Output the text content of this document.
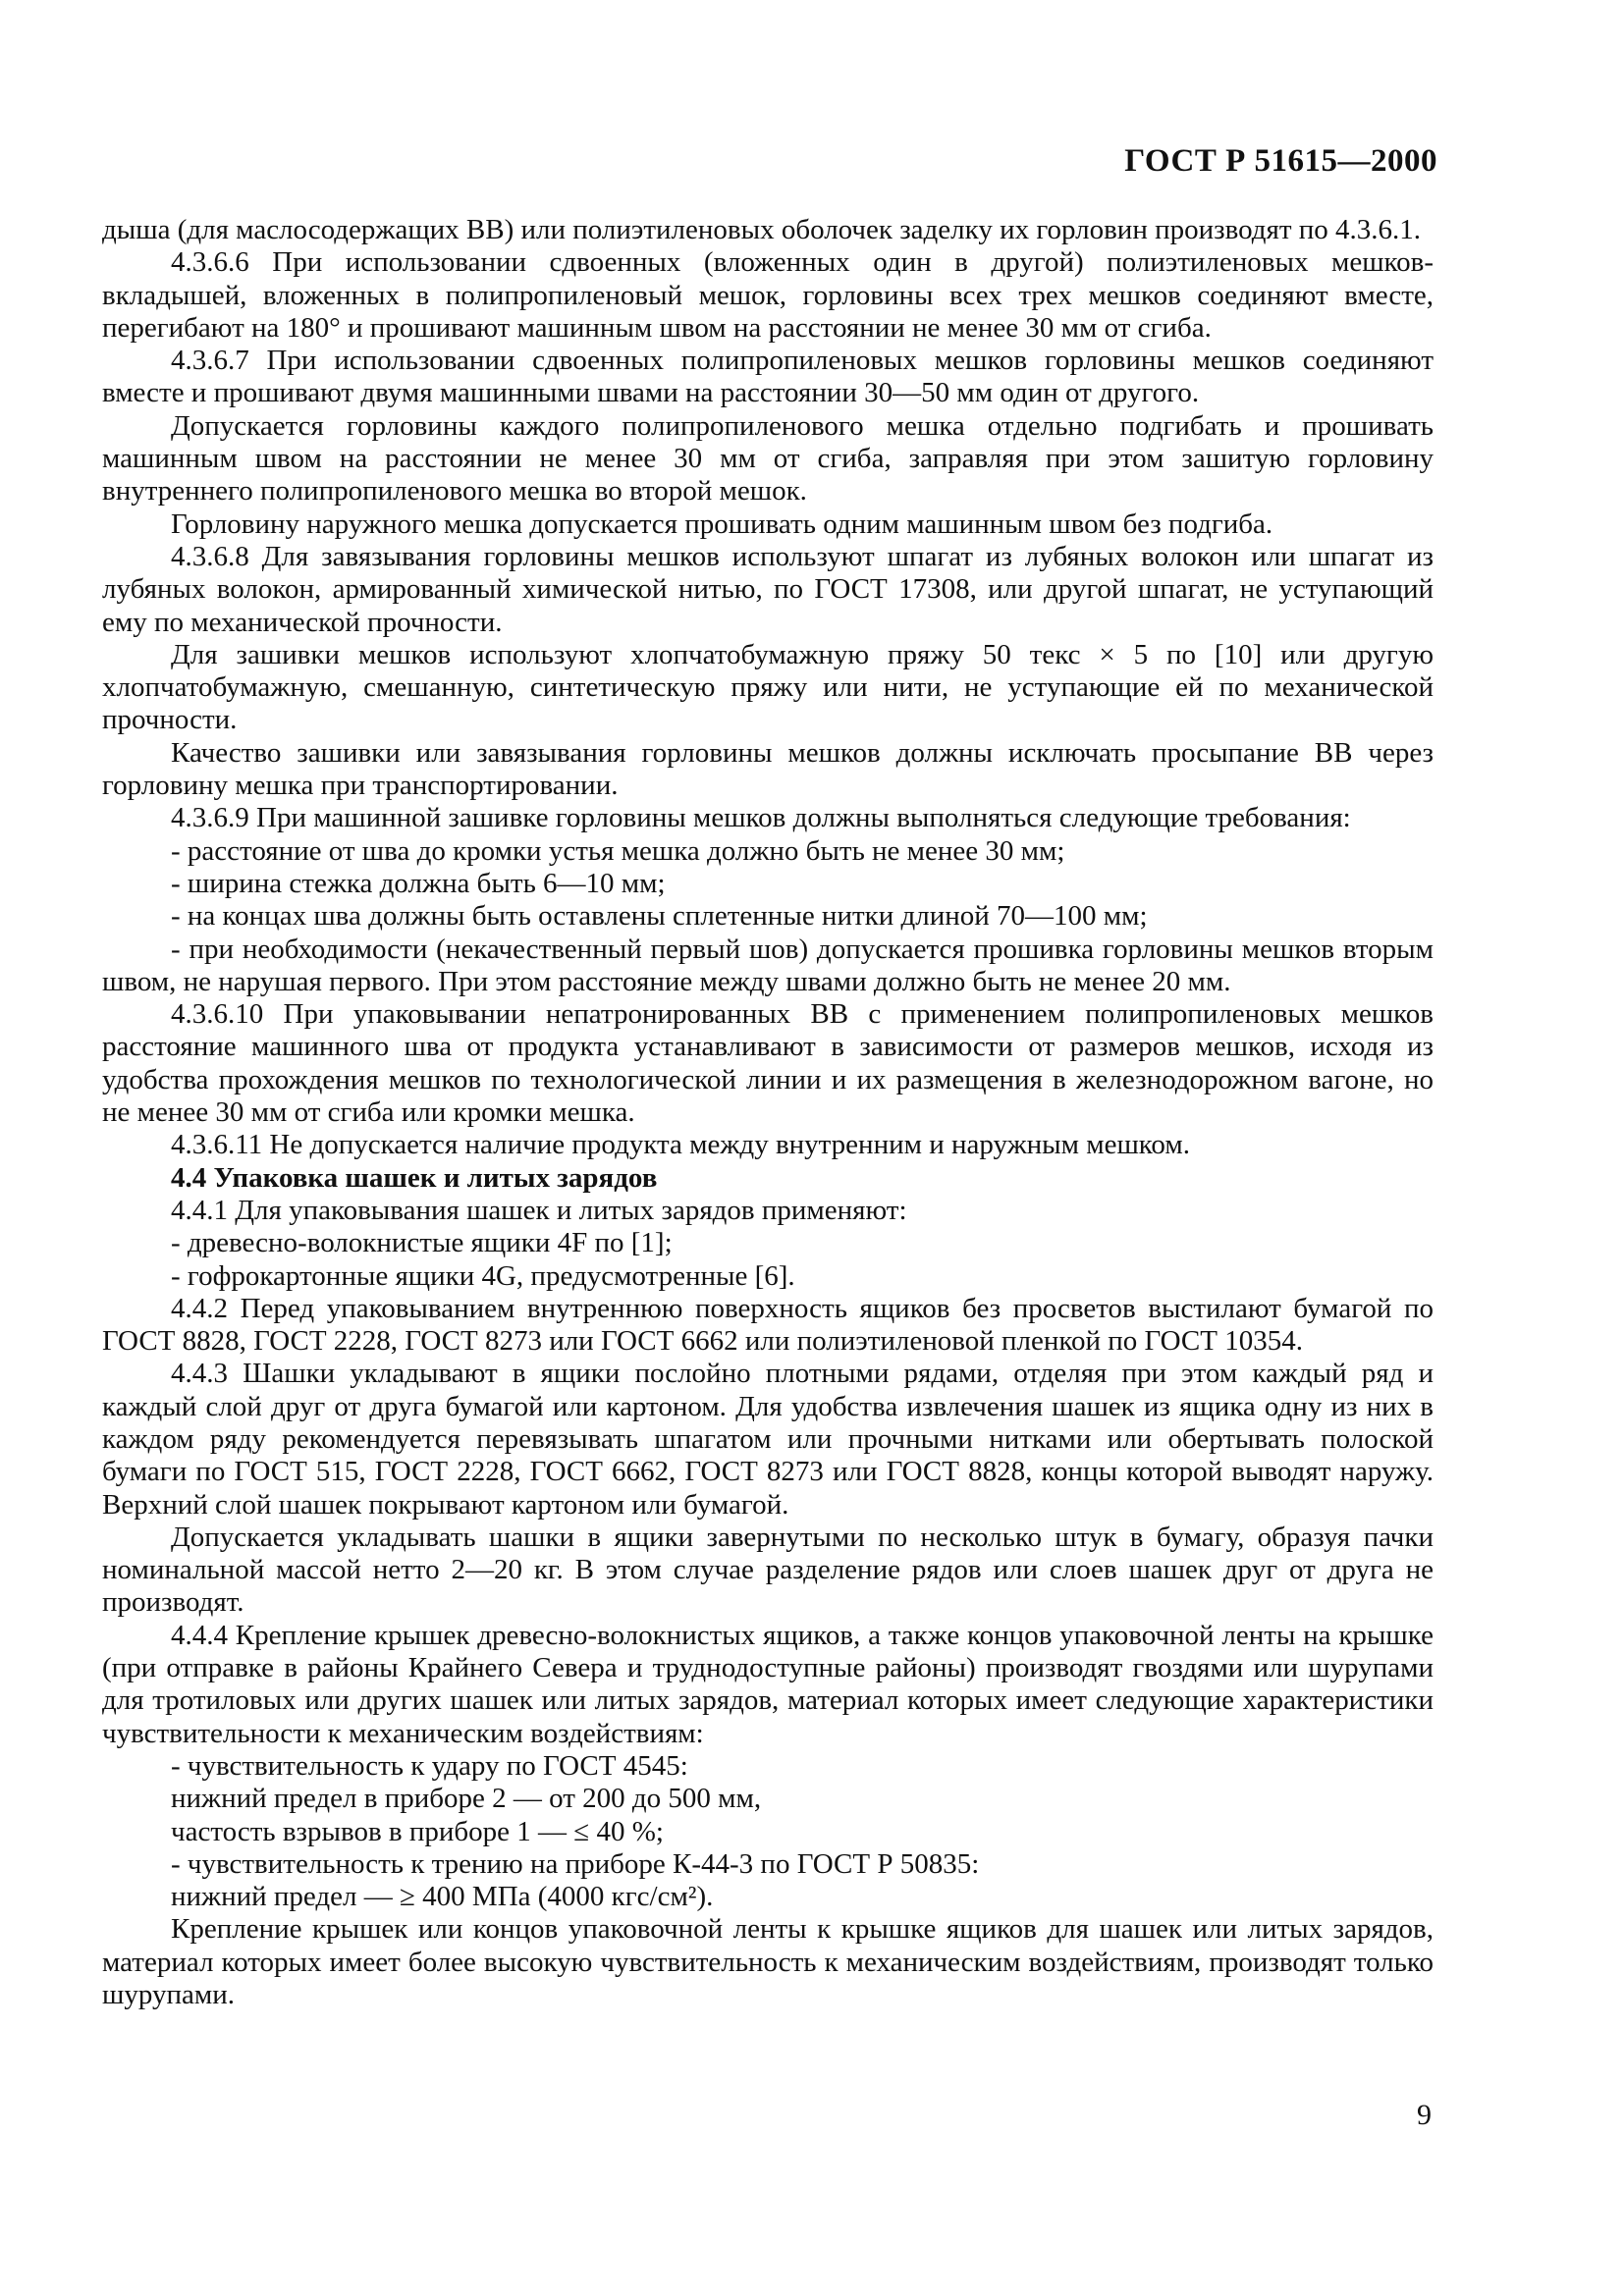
ГОСТ Р 51615—2000

дыша (для маслосодержащих ВВ) или полиэтиленовых оболочек заделку их горловин производят по 4.3.6.1.

4.3.6.6 При использовании сдвоенных (вложенных один в другой) полиэтиленовых мешков-вкладышей, вложенных в полипропиленовый мешок, горловины всех трех мешков соединяют вместе, перегибают на 180° и прошивают машинным швом на расстоянии не менее 30 мм от сгиба.

4.3.6.7 При использовании сдвоенных полипропиленовых мешков горловины мешков соединяют вместе и прошивают двумя машинными швами на расстоянии 30—50 мм один от другого.

Допускается горловины каждого полипропиленового мешка отдельно подгибать и прошивать машинным швом на расстоянии не менее 30 мм от сгиба, заправляя при этом зашитую горловину внутреннего полипропиленового мешка во второй мешок.

Горловину наружного мешка допускается прошивать одним машинным швом без подгиба.

4.3.6.8 Для завязывания горловины мешков используют шпагат из лубяных волокон или шпагат из лубяных волокон, армированный химической нитью, по ГОСТ 17308, или другой шпагат, не уступающий ему по механической прочности.

Для зашивки мешков используют хлопчатобумажную пряжу 50 текс × 5 по [10] или другую хлопчатобумажную, смешанную, синтетическую пряжу или нити, не уступающие ей по механической прочности.

Качество зашивки или завязывания горловины мешков должны исключать просыпание ВВ через горловину мешка при транспортировании.

4.3.6.9 При машинной зашивке горловины мешков должны выполняться следующие требования:

- расстояние от шва до кромки устья мешка должно быть не менее 30 мм;

- ширина стежка должна быть 6—10 мм;

- на концах шва должны быть оставлены сплетенные нитки длиной 70—100 мм;

- при необходимости (некачественный первый шов) допускается прошивка горловины мешков вторым швом, не нарушая первого. При этом расстояние между швами должно быть не менее 20 мм.

4.3.6.10 При упаковывании непатронированных ВВ с применением полипропиленовых мешков расстояние машинного шва от продукта устанавливают в зависимости от размеров мешков, исходя из удобства прохождения мешков по технологической линии и их размещения в железнодорожном вагоне, но не менее 30 мм от сгиба или кромки мешка.

4.3.6.11 Не допускается наличие продукта между внутренним и наружным мешком.

4.4 Упаковка шашек и литых зарядов

4.4.1 Для упаковывания шашек и литых зарядов применяют:

- древесно-волокнистые ящики 4F по [1];

- гофрокартонные ящики 4G, предусмотренные [6].

4.4.2 Перед упаковыванием внутреннюю поверхность ящиков без просветов выстилают бумагой по ГОСТ 8828, ГОСТ 2228, ГОСТ 8273 или ГОСТ 6662 или полиэтиленовой пленкой по ГОСТ 10354.

4.4.3 Шашки укладывают в ящики послойно плотными рядами, отделяя при этом каждый ряд и каждый слой друг от друга бумагой или картоном. Для удобства извлечения шашек из ящика одну из них в каждом ряду рекомендуется перевязывать шпагатом или прочными нитками или обертывать полоской бумаги по ГОСТ 515, ГОСТ 2228, ГОСТ 6662, ГОСТ 8273 или ГОСТ 8828, концы которой выводят наружу. Верхний слой шашек покрывают картоном или бумагой.

Допускается укладывать шашки в ящики завернутыми по несколько штук в бумагу, образуя пачки номинальной массой нетто 2—20 кг. В этом случае разделение рядов или слоев шашек друг от друга не производят.

4.4.4 Крепление крышек древесно-волокнистых ящиков, а также концов упаковочной ленты на крышке (при отправке в районы Крайнего Севера и труднодоступные районы) производят гвоздями или шурупами для тротиловых или других шашек или литых зарядов, материал которых имеет следующие характеристики чувствительности к механическим воздействиям:

- чувствительность к удару по ГОСТ 4545:

нижний предел в приборе 2 — от 200 до 500 мм,

частость взрывов в приборе 1 — ≤ 40 %;

- чувствительность к трению на приборе К-44-3 по ГОСТ Р 50835:

нижний предел — ≥ 400 МПа (4000 кгс/см²).

Крепление крышек или концов упаковочной ленты к крышке ящиков для шашек или литых зарядов, материал которых имеет более высокую чувствительность к механическим воздействиям, производят только шурупами.

9
